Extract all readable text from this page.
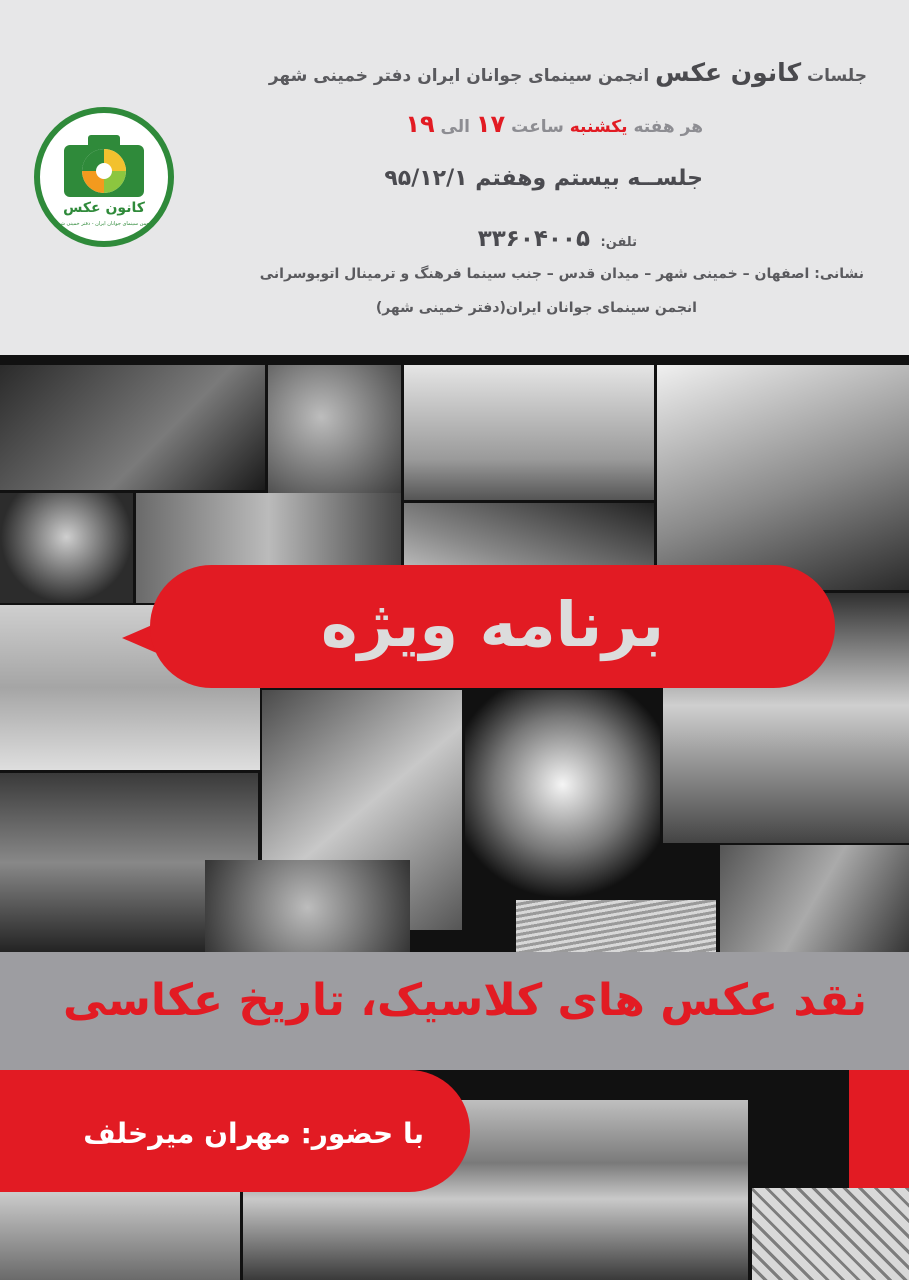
جلسات کانون عکس انجمن سینمای جوانان ایران دفتر خمینی شهر
هر هفته یکشنبه ساعت ۱۷ الی ۱۹
جلســه بیستم وهفتم ۹۵/۱۲/۱
تلفن: ۳۳۶۰۴۰۰۵
نشانی: اصفهان – خمینی شهر – میدان قدس – جنب سینما فرهنگ و ترمینال اتوبوسرانی
انجمن سینمای جوانان ایران(دفتر خمینی شهر)
کانون عکس
انجمن سینمای جوانان ایران - دفتر خمینی شهر
برنامه ویژه
نقد عکس های کلاسیک، تاریخ عکاسی
با حضور: مهران میرخلف
